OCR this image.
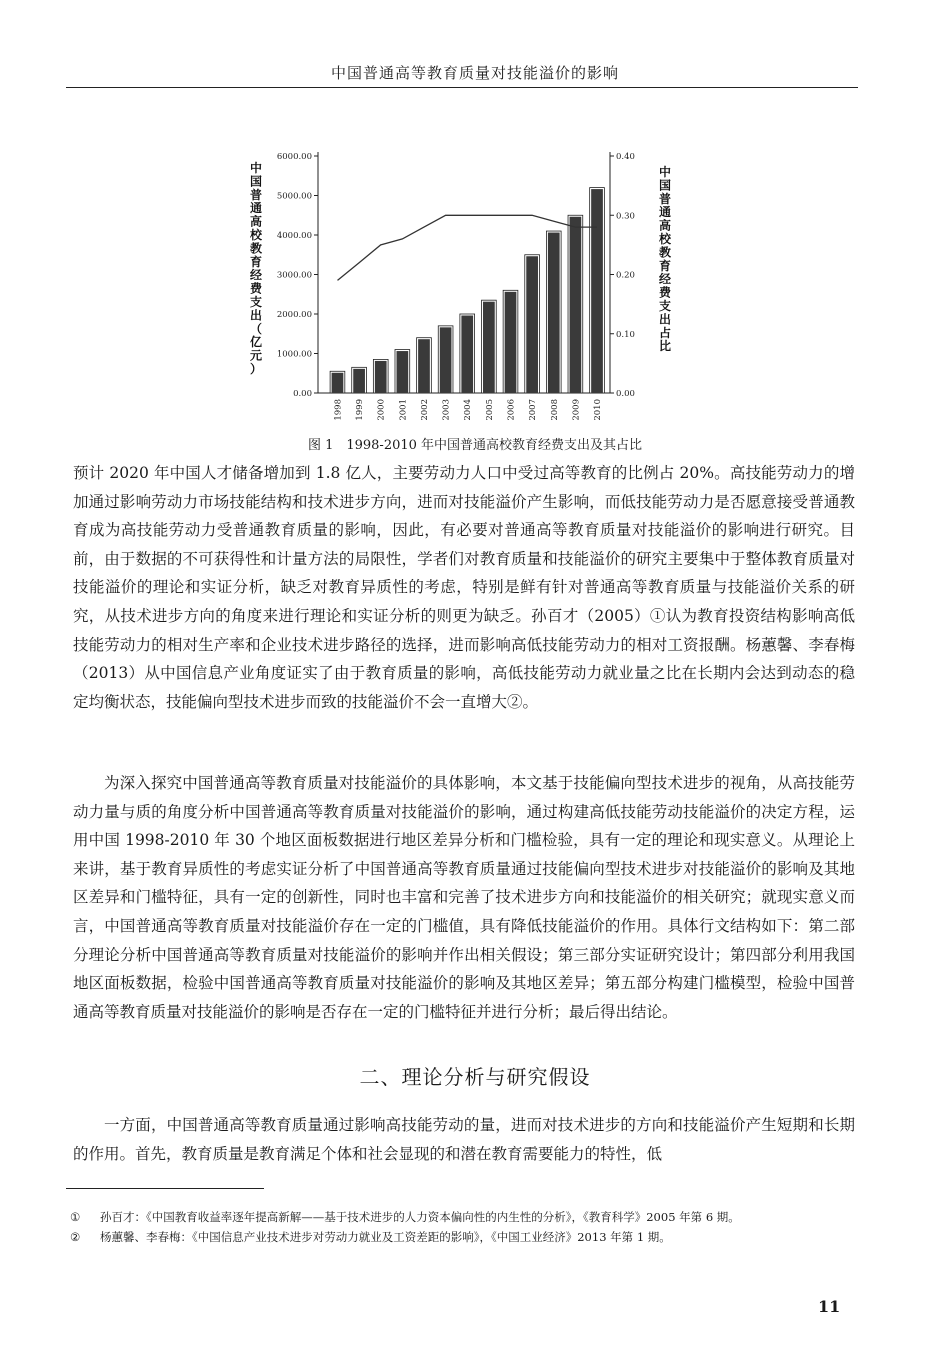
中国普通高等教育质量对技能溢价的影响
0.00
1000.00
2000.00
3000.00
4000.00
5000.00
6000.00
0.00
0.10
0.20
0.30
0.40
1998 1999 2000 2001 2002 2003 2004 2005 2006 2007 2008 2009 2010
中国普通高校教育经费支出（亿元）
中国普通高校教育经费支出占比
图 1　1998-2010 年中国普通高校教育经费支出及其占比

预计 2020 年中国人才储备增加到 1.8 亿人，主要劳动力人口中受过高等教育的比例占 20%。高技能劳动力的增加通过影响劳动力市场技能结构和技术进步方向，进而对技能溢价产生影响，而低技能劳动力是否愿意接受普通教育成为高技能劳动力受普通教育质量的影响，因此，有必要对普通高等教育质量对技能溢价的影响进行研究。目前，由于数据的不可获得性和计量方法的局限性，学者们对教育质量和技能溢价的研究主要集中于整体教育质量对技能溢价的理论和实证分析，缺乏对教育异质性的考虑，特别是鲜有针对普通高等教育质量与技能溢价关系的研究，从技术进步方向的角度来进行理论和实证分析的则更为缺乏。孙百才（2005）①认为教育投资结构影响高低技能劳动力的相对生产率和企业技术进步路径的选择，进而影响高低技能劳动力的相对工资报酬。杨蕙馨、李春梅（2013）从中国信息产业角度证实了由于教育质量的影响，高低技能劳动力就业量之比在长期内会达到动态的稳定均衡状态，技能偏向型技术进步而致的技能溢价不会一直增大②。

为深入探究中国普通高等教育质量对技能溢价的具体影响，本文基于技能偏向型技术进步的视角，从高技能劳动力量与质的角度分析中国普通高等教育质量对技能溢价的影响，通过构建高低技能劳动技能溢价的决定方程，运用中国 1998-2010 年 30 个地区面板数据进行地区差异分析和门槛检验，具有一定的理论和现实意义。从理论上来讲，基于教育异质性的考虑实证分析了中国普通高等教育质量通过技能偏向型技术进步对技能溢价的影响及其地区差异和门槛特征，具有一定的创新性，同时也丰富和完善了技术进步方向和技能溢价的相关研究；就现实意义而言，中国普通高等教育质量对技能溢价存在一定的门槛值，具有降低技能溢价的作用。具体行文结构如下：第二部分理论分析中国普通高等教育质量对技能溢价的影响并作出相关假设；第三部分实证研究设计；第四部分利用我国地区面板数据，检验中国普通高等教育质量对技能溢价的影响及其地区差异；第五部分构建门槛模型，检验中国普通高等教育质量对技能溢价的影响是否存在一定的门槛特征并进行分析；最后得出结论。

二、理论分析与研究假设

一方面，中国普通高等教育质量通过影响高技能劳动的量，进而对技术进步的方向和技能溢价产生短期和长期的作用。首先，教育质量是教育满足个体和社会显现的和潜在教育需要能力的特性，低

① 孙百才：《中国教育收益率逐年提高新解——基于技术进步的人力资本偏向性的内生性的分析》，《教育科学》2005 年第 6 期。
② 杨蕙馨、李春梅：《中国信息产业技术进步对劳动力就业及工资差距的影响》，《中国工业经济》2013 年第 1 期。
11
